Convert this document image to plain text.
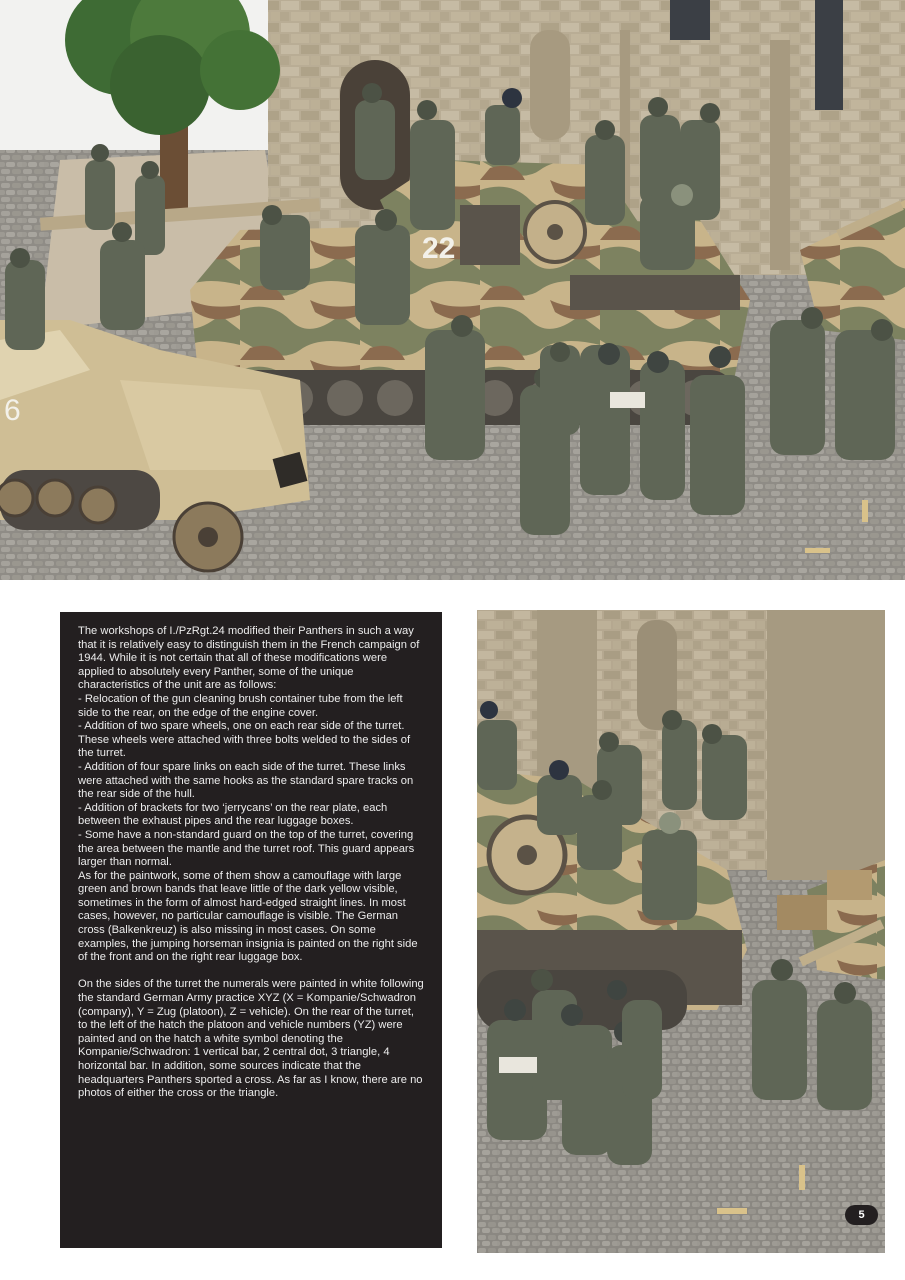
22
6

The workshops of I./PzRgt.24 modified their Panthers in such a way that it is relatively easy to distinguish them in the French campaign of 1944. While it is not certain that all of these modifications were applied to absolutely every Panther, some of the unique characteristics of the unit are as follows:

- Relocation of the gun cleaning brush container tube from the left side to the rear, on the edge of the engine cover.

- Addition of two spare wheels, one on each rear side of the turret. These wheels were attached with three bolts welded to the sides of the turret.

- Addition of four spare links on each side of the turret. These links were attached with the same hooks as the standard spare tracks on the rear side of the hull.

- Addition of brackets for two ‘jerrycans’ on the rear plate, each between the exhaust pipes and the rear luggage boxes.

- Some have a non-standard guard on the top of the turret, covering the area between the mantle and the turret roof. This guard appears larger than normal.

As for the paintwork, some of them show a camouflage with large green and brown bands that leave little of the dark yellow visible, sometimes in the form of almost hard-edged straight lines. In most cases, however, no particular camouflage is visible. The German cross (Balkenkreuz) is also missing in most cases. On some examples, the jumping horseman insignia is painted on the right side of the front and on the right rear luggage box.

On the sides of the turret the numerals were painted in white following the standard German Army practice XYZ (X = Kompanie/Schwadron (company), Y = Zug (platoon), Z = vehicle). On the rear of the turret, to the left of the hatch the platoon and vehicle numbers (YZ) were painted and on the hatch a white symbol denoting the Kompanie/Schwadron: 1 vertical bar, 2 central dot, 3 triangle, 4 horizontal bar. In addition, some sources indicate that the headquarters Panthers sported a cross. As far as I know, there are no photos of either the cross or the triangle.

5
